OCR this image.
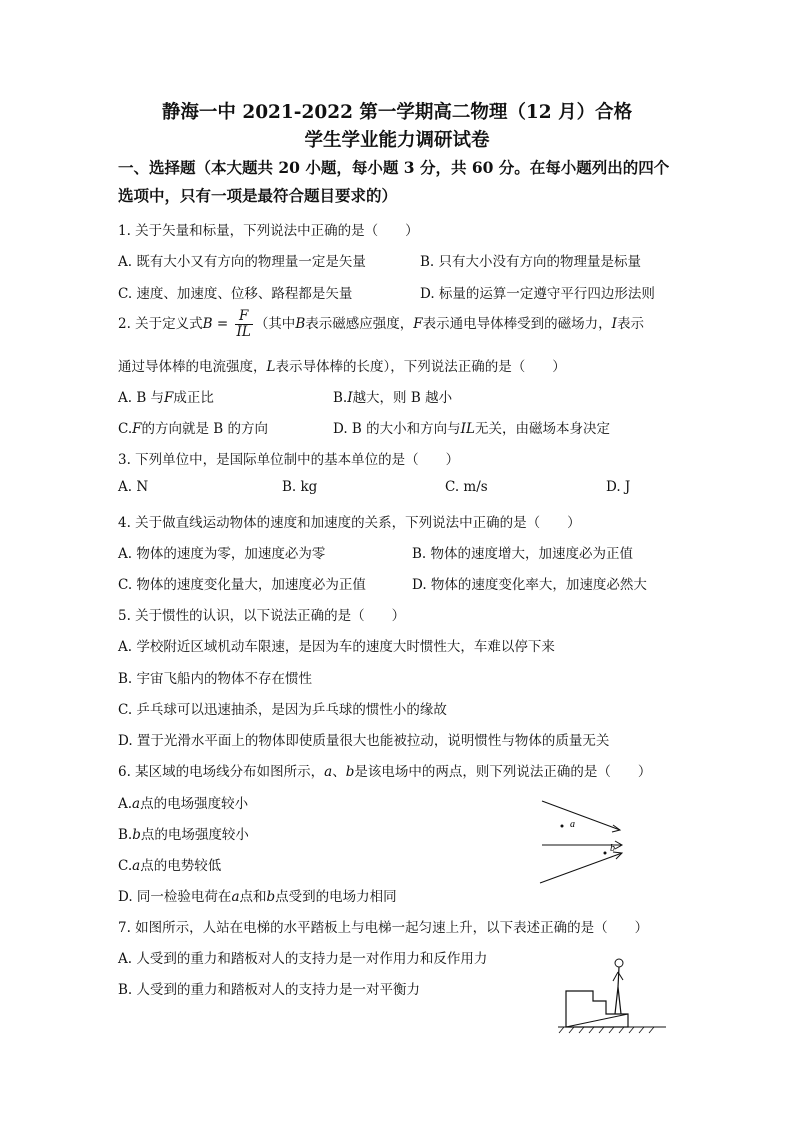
静海一中 2021-2022 第一学期高二物理（12 月）合格
学生学业能力调研试卷
一、选择题（本大题共 20 小题，每小题 3 分，共 60 分。在每小题列出的四个
选项中，只有一项是最符合题目要求的）
1. 关于矢量和标量，下列说法中正确的是（　　）
A. 既有大小又有方向的物理量一定是矢量	B. 只有大小没有方向的物理量是标量
C. 速度、加速度、位移、路程都是矢量	D. 标量的运算一定遵守平行四边形法则
2. 关于定义式$B = \frac{F}{IL}$ （其中B表示磁感应强度，F表示通电导体棒受到的磁场力，I表示
通过导体棒的电流强度，L表示导体棒的长度），下列说法正确的是（　　）
A. B 与F成正比	B.I越大，则 B 越小
C.F的方向就是 B 的方向	D. B 的大小和方向与IL无关，由磁场本身决定
3. 下列单位中，是国际单位制中的基本单位的是（　　）
A. N	B. kg	C. m/s	D. J
4. 关于做直线运动物体的速度和加速度的关系，下列说法中正确的是（　　）
A. 物体的速度为零，加速度必为零	B. 物体的速度增大，加速度必为正值
C. 物体的速度变化量大，加速度必为正值	D. 物体的速度变化率大，加速度必然大
5. 关于惯性的认识，以下说法正确的是（　　）
A. 学校附近区域机动车限速，是因为车的速度大时惯性大，车难以停下来
B. 宇宙飞船内的物体不存在惯性
C. 乒乓球可以迅速抽杀，是因为乒乓球的惯性小的缘故
D. 置于光滑水平面上的物体即使质量很大也能被拉动，说明惯性与物体的质量无关
6. 某区域的电场线分布如图所示，a、b是该电场中的两点，则下列说法正确的是（　　）
A.a点的电场强度较小
B.b点的电场强度较小
C.a点的电势较低
D. 同一检验电荷在a点和b点受到的电场力相同
a
b
7. 如图所示，人站在电梯的水平踏板上与电梯一起匀速上升，以下表述正确的是（　　）
A. 人受到的重力和踏板对人的支持力是一对作用力和反作用力
B. 人受到的重力和踏板对人的支持力是一对平衡力
